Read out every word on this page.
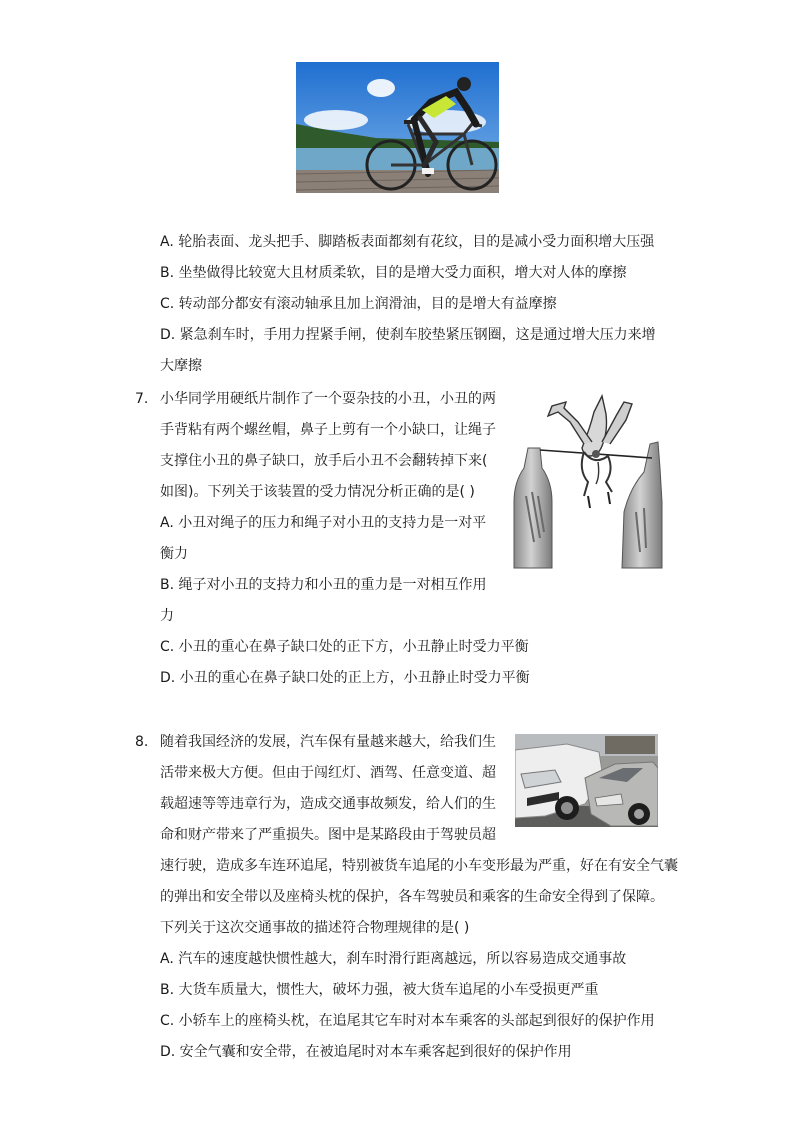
A. 轮胎表面、龙头把手、脚踏板表面都刻有花纹，目的是减小受力面积增大压强
B. 坐垫做得比较宽大且材质柔软，目的是增大受力面积，增大对人体的摩擦
C. 转动部分都安有滚动轴承且加上润滑油，目的是增大有益摩擦
D. 紧急刹车时，手用力捏紧手闸，使刹车胶垫紧压钢圈，这是通过增大压力来增
大摩擦
7. 小华同学用硬纸片制作了一个耍杂技的小丑，小丑的两
手背粘有两个螺丝帽，鼻子上剪有一个小缺口，让绳子
支撑住小丑的鼻子缺口，放手后小丑不会翻转掉下来(
如图)。下列关于该装置的受力情况分析正确的是( )
A. 小丑对绳子的压力和绳子对小丑的支持力是一对平
衡力
B. 绳子对小丑的支持力和小丑的重力是一对相互作用
力
C. 小丑的重心在鼻子缺口处的正下方，小丑静止时受力平衡
D. 小丑的重心在鼻子缺口处的正上方，小丑静止时受力平衡
8. 随着我国经济的发展，汽车保有量越来越大，给我们生
活带来极大方便。但由于闯红灯、酒驾、任意变道、超
载超速等等违章行为，造成交通事故频发，给人们的生
命和财产带来了严重损失。图中是某路段由于驾驶员超
速行驶，造成多车连环追尾，特别被货车追尾的小车变形最为严重，好在有安全气囊
的弹出和安全带以及座椅头枕的保护，各车驾驶员和乘客的生命安全得到了保障。
下列关于这次交通事故的描述符合物理规律的是( )
A. 汽车的速度越快惯性越大，刹车时滑行距离越远，所以容易造成交通事故
B. 大货车质量大，惯性大，破坏力强，被大货车追尾的小车受损更严重
C. 小轿车上的座椅头枕，在追尾其它车时对本车乘客的头部起到很好的保护作用
D. 安全气囊和安全带，在被追尾时对本车乘客起到很好的保护作用
